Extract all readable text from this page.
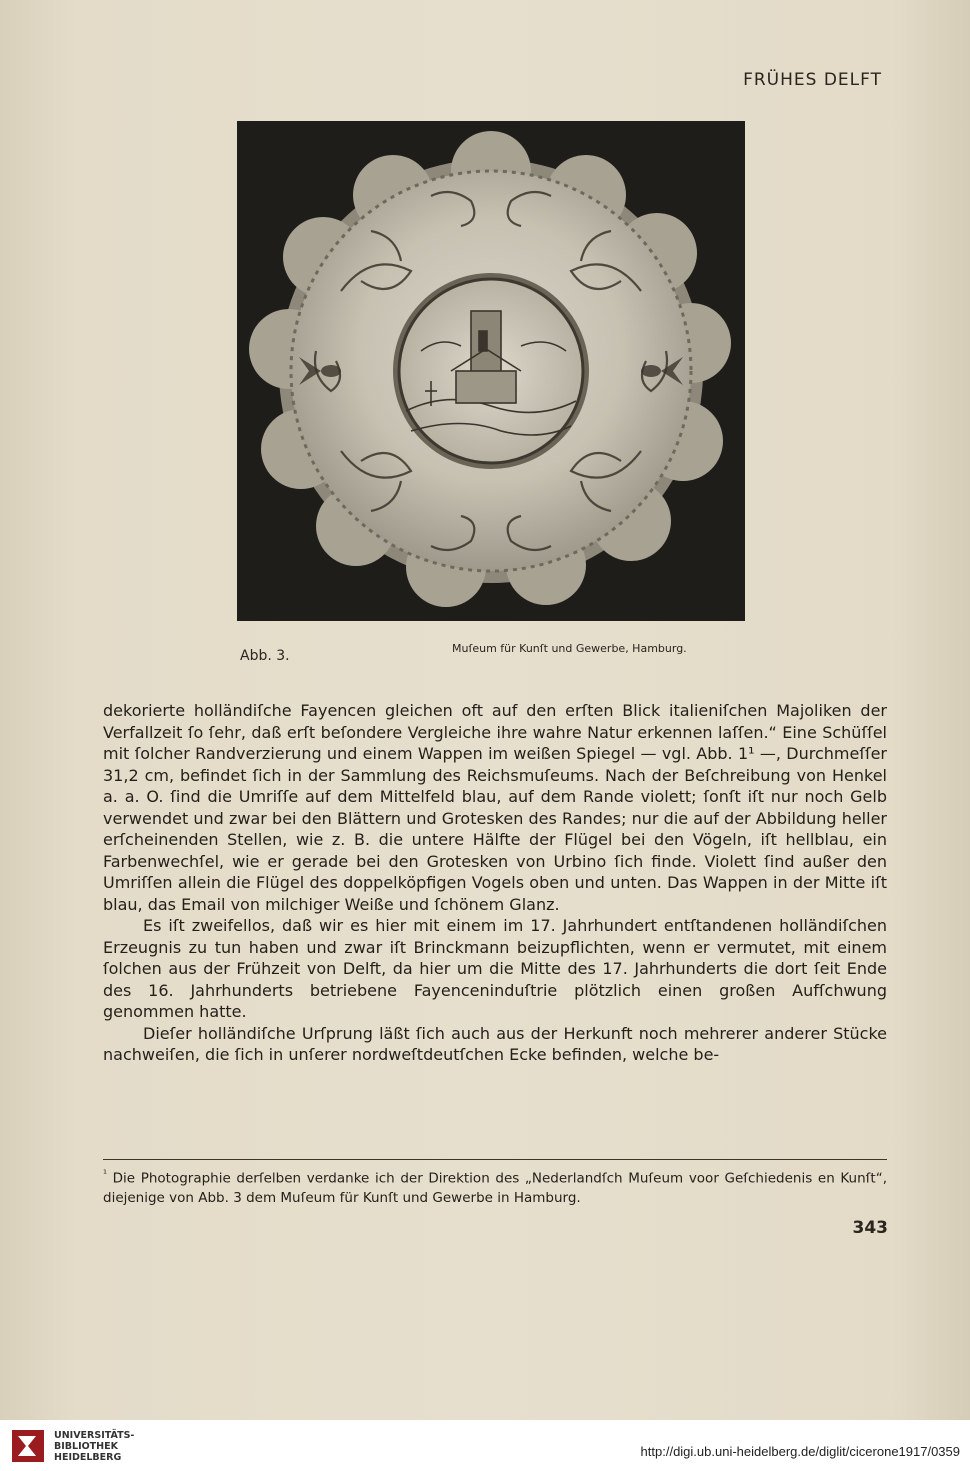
FRÜHES DELFT
Abb. 3.	Muſeum für Kunſt und Gewerbe, Hamburg.

dekorierte holländiſche Fayencen gleichen oft auf den erſten Blick italieniſchen Majoliken der Verfallzeit ſo ſehr, daß erſt beſondere Vergleiche ihre wahre Natur erkennen laſſen.“ Eine Schüſſel mit ſolcher Randverzierung und einem Wappen im weißen Spiegel — vgl. Abb. 1¹ —, Durchmeſſer 31,2 cm, befindet ſich in der Sammlung des Reichsmuſeums. Nach der Beſchreibung von Henkel a. a. O. ſind die Umriſſe auf dem Mittelfeld blau, auf dem Rande violett; ſonſt iſt nur noch Gelb verwendet und zwar bei den Blättern und Grotesken des Randes; nur die auf der Abbildung heller erſcheinenden Stellen, wie z. B. die untere Hälfte der Flügel bei den Vögeln, iſt hellblau, ein Farbenwechſel, wie er gerade bei den Grotesken von Urbino ſich finde. Violett ſind außer den Umriſſen allein die Flügel des doppelköpfigen Vogels oben und unten. Das Wappen in der Mitte iſt blau, das Email von milchiger Weiße und ſchönem Glanz.

Es iſt zweifellos, daß wir es hier mit einem im 17. Jahrhundert entſtandenen holländiſchen Erzeugnis zu tun haben und zwar iſt Brinckmann beizupflichten, wenn er vermutet, mit einem ſolchen aus der Frühzeit von Delft, da hier um die Mitte des 17. Jahrhunderts die dort ſeit Ende des 16. Jahrhunderts betriebene Fayenceninduſtrie plötzlich einen großen Aufſchwung genommen hatte.

Dieſer holländiſche Urſprung läßt ſich auch aus der Herkunft noch mehrerer anderer Stücke nachweiſen, die ſich in unſerer nordweſtdeutſchen Ecke befinden, welche be-

$^{^1}$ Die Photographie derſelben verdanke ich der Direktion des „Nederlandſch Muſeum voor Geſchiedenis en Kunſt“, diejenige von Abb. 3 dem Muſeum für Kunſt und Gewerbe in Hamburg.
343
UNIVERSITÄTS-
BIBLIOTHEK
HEIDELBERG	http://digi.ub.uni-heidelberg.de/diglit/cicerone1917/0359
